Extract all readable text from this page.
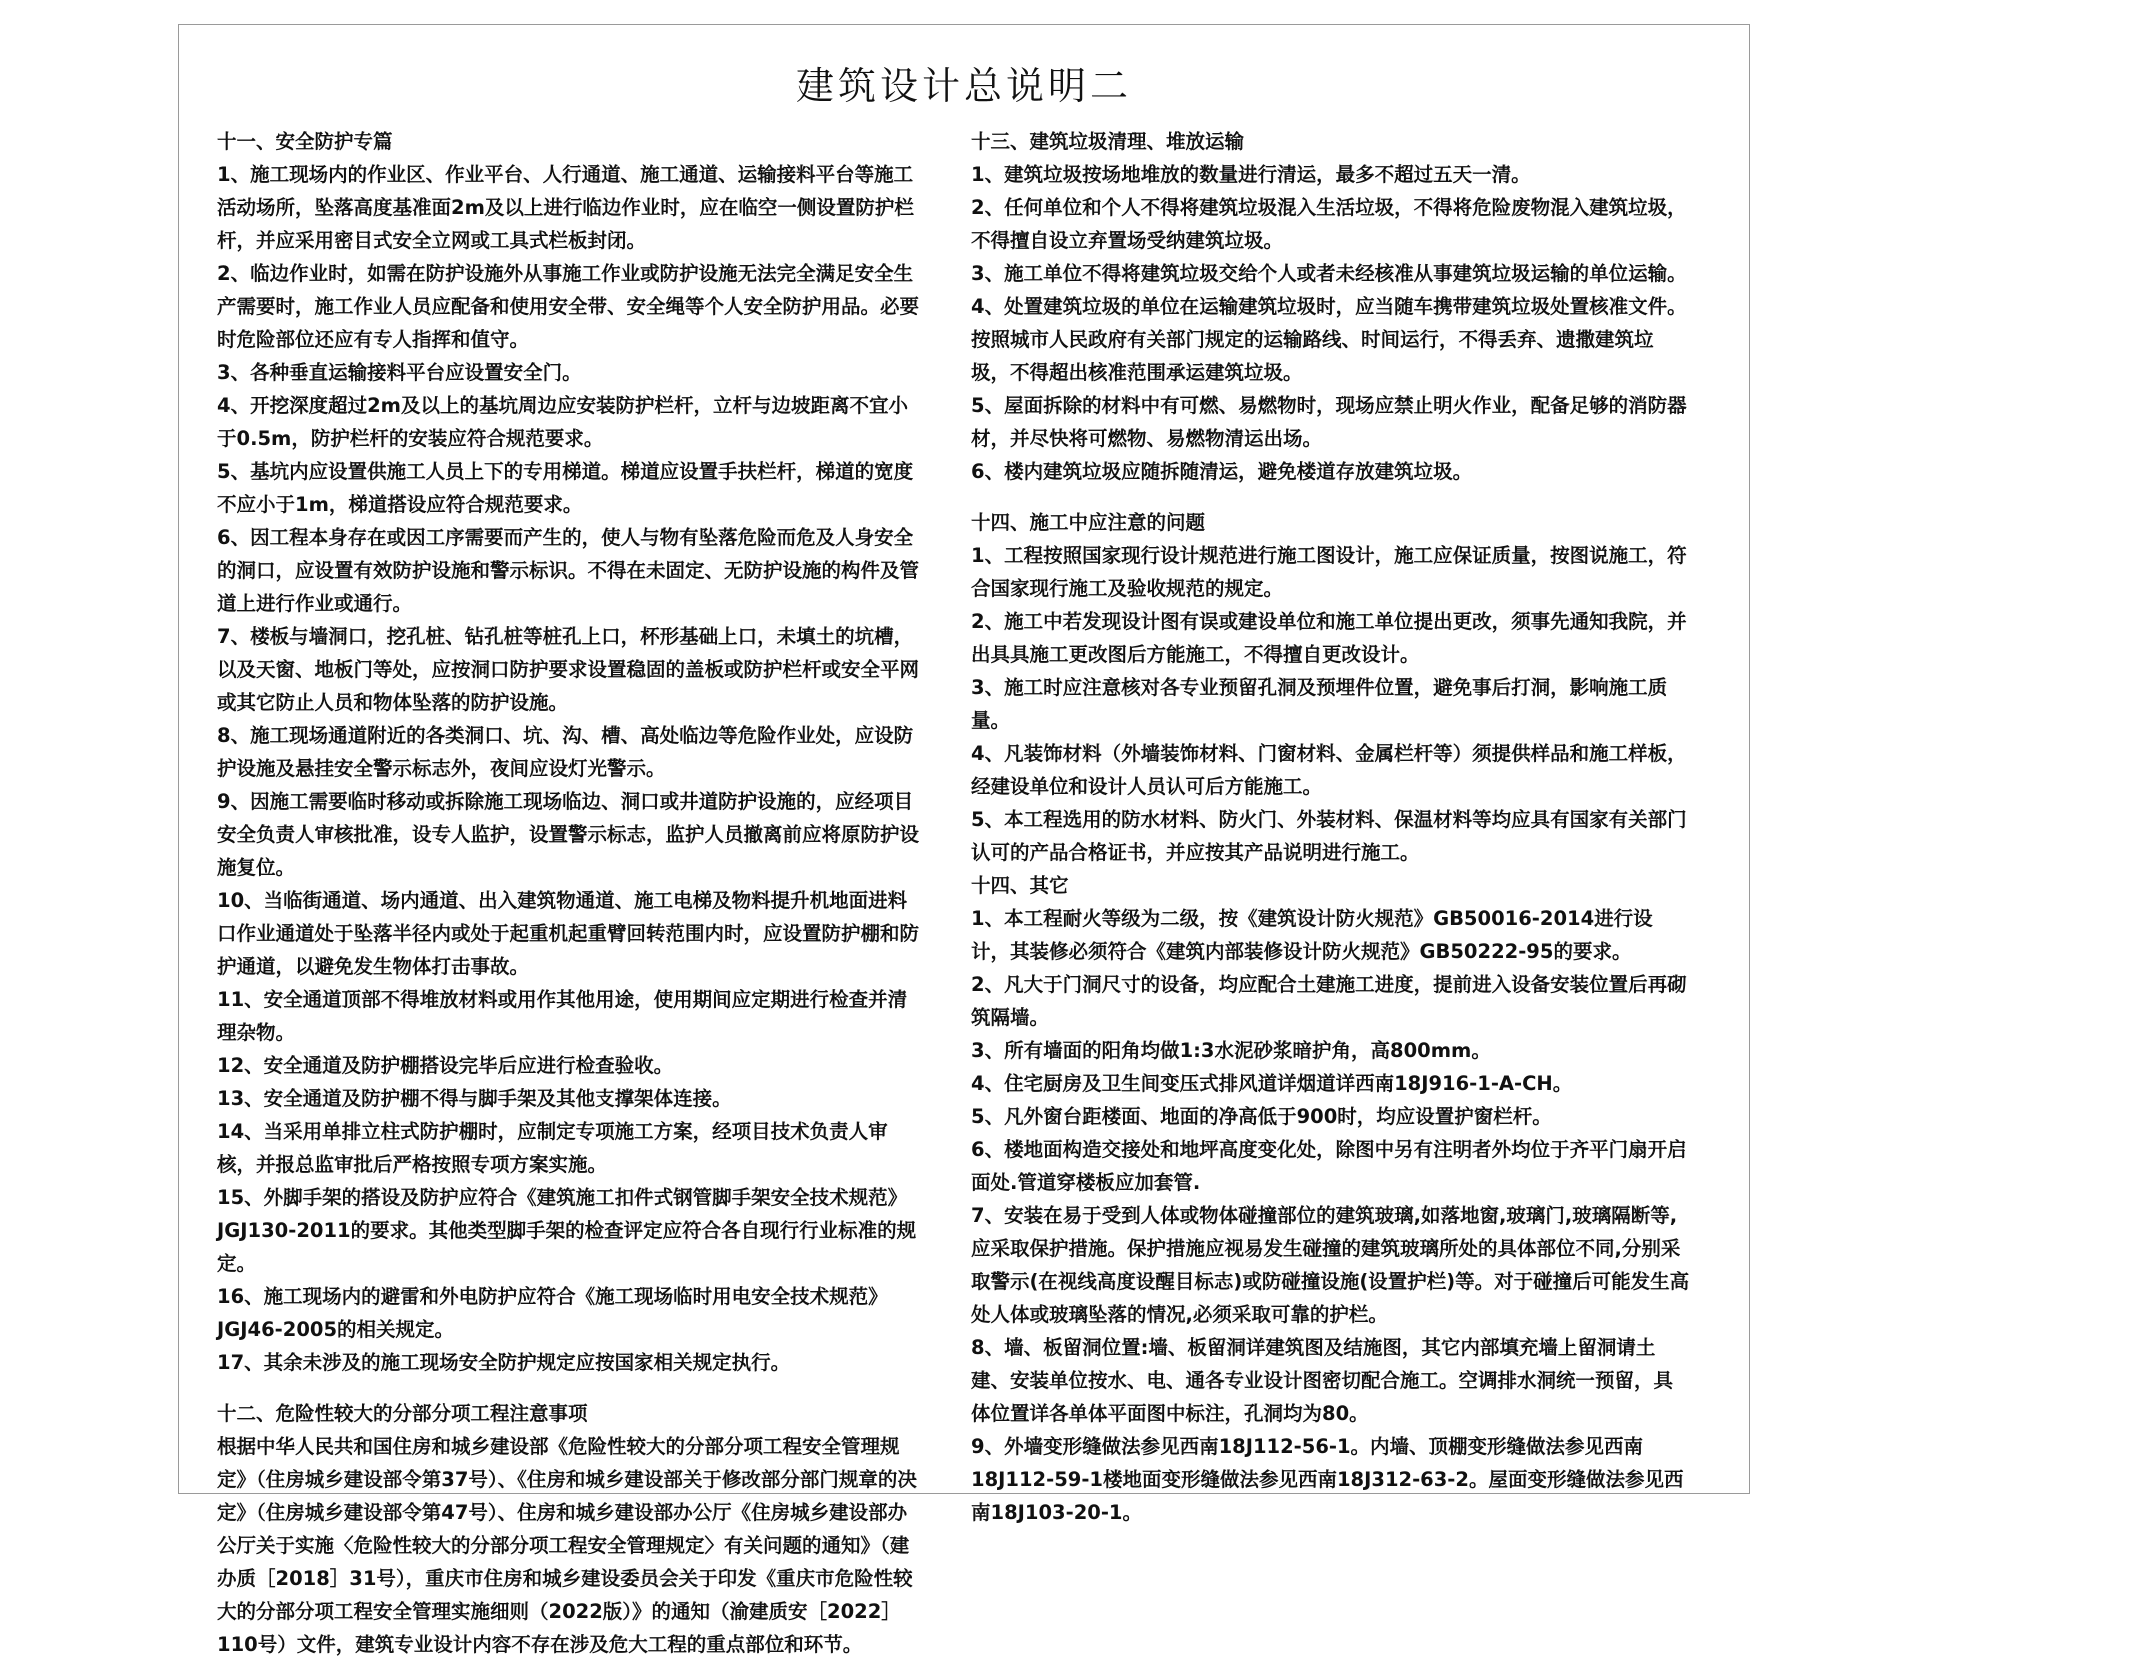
建筑设计总说明二

十一、安全防护专篇

1、施工现场内的作业区、作业平台、人行通道、施工通道、运输接料平台等施工活动场所，坠落高度基准面2m及以上进行临边作业时，应在临空一侧设置防护栏杆，并应采用密目式安全立网或工具式栏板封闭。

2、临边作业时，如需在防护设施外从事施工作业或防护设施无法完全满足安全生产需要时，施工作业人员应配备和使用安全带、安全绳等个人安全防护用品。必要时危险部位还应有专人指挥和值守。

3、各种垂直运输接料平台应设置安全门。

4、开挖深度超过2m及以上的基坑周边应安装防护栏杆，立杆与边坡距离不宜小于0.5m，防护栏杆的安装应符合规范要求。

5、基坑内应设置供施工人员上下的专用梯道。梯道应设置手扶栏杆，梯道的宽度不应小于1m，梯道搭设应符合规范要求。

6、因工程本身存在或因工序需要而产生的，使人与物有坠落危险而危及人身安全的洞口，应设置有效防护设施和警示标识。不得在未固定、无防护设施的构件及管道上进行作业或通行。

7、楼板与墙洞口，挖孔桩、钻孔桩等桩孔上口，杯形基础上口，未填土的坑槽，以及天窗、地板门等处，应按洞口防护要求设置稳固的盖板或防护栏杆或安全平网或其它防止人员和物体坠落的防护设施。

8、施工现场通道附近的各类洞口、坑、沟、槽、高处临边等危险作业处，应设防护设施及悬挂安全警示标志外，夜间应设灯光警示。

9、因施工需要临时移动或拆除施工现场临边、洞口或井道防护设施的，应经项目安全负责人审核批准，设专人监护，设置警示标志，监护人员撤离前应将原防护设施复位。

10、当临街通道、场内通道、出入建筑物通道、施工电梯及物料提升机地面进料口作业通道处于坠落半径内或处于起重机起重臂回转范围内时，应设置防护棚和防护通道，以避免发生物体打击事故。

11、安全通道顶部不得堆放材料或用作其他用途，使用期间应定期进行检查并清理杂物。

12、安全通道及防护棚搭设完毕后应进行检查验收。

13、安全通道及防护棚不得与脚手架及其他支撑架体连接。

14、当采用单排立柱式防护棚时，应制定专项施工方案，经项目技术负责人审核，并报总监审批后严格按照专项方案实施。

15、外脚手架的搭设及防护应符合《建筑施工扣件式钢管脚手架安全技术规范》JGJ130-2011的要求。其他类型脚手架的检查评定应符合各自现行行业标准的规定。

16、施工现场内的避雷和外电防护应符合《施工现场临时用电安全技术规范》JGJ46-2005的相关规定。

17、其余未涉及的施工现场安全防护规定应按国家相关规定执行。

十二、危险性较大的分部分项工程注意事项

根据中华人民共和国住房和城乡建设部《危险性较大的分部分项工程安全管理规定》（住房城乡建设部令第37号）、《住房和城乡建设部关于修改部分部门规章的决定》（住房城乡建设部令第47号）、住房和城乡建设部办公厅《住房城乡建设部办公厅关于实施〈危险性较大的分部分项工程安全管理规定〉有关问题的通知》（建办质［2018］31号），重庆市住房和城乡建设委员会关于印发《重庆市危险性较大的分部分项工程安全管理实施细则（2022版）》的通知（渝建质安［2022］110号）文件，建筑专业设计内容不存在涉及危大工程的重点部位和环节。

十三、建筑垃圾清理、堆放运输

1、建筑垃圾按场地堆放的数量进行清运，最多不超过五天一清。

2、任何单位和个人不得将建筑垃圾混入生活垃圾，不得将危险废物混入建筑垃圾，不得擅自设立弃置场受纳建筑垃圾。

3、施工单位不得将建筑垃圾交给个人或者未经核准从事建筑垃圾运输的单位运输。

4、处置建筑垃圾的单位在运输建筑垃圾时，应当随车携带建筑垃圾处置核准文件。按照城市人民政府有关部门规定的运输路线、时间运行，不得丢弃、遗撒建筑垃圾，不得超出核准范围承运建筑垃圾。

5、屋面拆除的材料中有可燃、易燃物时，现场应禁止明火作业，配备足够的消防器材，并尽快将可燃物、易燃物清运出场。

6、楼内建筑垃圾应随拆随清运，避免楼道存放建筑垃圾。

十四、施工中应注意的问题

1、工程按照国家现行设计规范进行施工图设计，施工应保证质量，按图说施工，符合国家现行施工及验收规范的规定。

2、施工中若发现设计图有误或建设单位和施工单位提出更改，须事先通知我院，并出具具施工更改图后方能施工，不得擅自更改设计。

3、施工时应注意核对各专业预留孔洞及预埋件位置，避免事后打洞，影响施工质量。

4、凡装饰材料（外墙装饰材料、门窗材料、金属栏杆等）须提供样品和施工样板，经建设单位和设计人员认可后方能施工。

5、本工程选用的防水材料、防火门、外装材料、保温材料等均应具有国家有关部门认可的产品合格证书，并应按其产品说明进行施工。

十四、其它

1、本工程耐火等级为二级，按《建筑设计防火规范》GB50016-2014进行设计，其装修必须符合《建筑内部装修设计防火规范》GB50222-95的要求。

2、凡大于门洞尺寸的设备，均应配合土建施工进度，提前进入设备安装位置后再砌筑隔墙。

3、所有墙面的阳角均做1:3水泥砂浆暗护角，高800mm。

4、住宅厨房及卫生间变压式排风道详烟道详西南18J916-1-A-CH。

5、凡外窗台距楼面、地面的净高低于900时，均应设置护窗栏杆。

6、楼地面构造交接处和地坪高度变化处，除图中另有注明者外均位于齐平门扇开启面处.管道穿楼板应加套管.

7、安装在易于受到人体或物体碰撞部位的建筑玻璃,如落地窗,玻璃门,玻璃隔断等,应采取保护措施。保护措施应视易发生碰撞的建筑玻璃所处的具体部位不同,分别采取警示(在视线高度设醒目标志)或防碰撞设施(设置护栏)等。对于碰撞后可能发生高处人体或玻璃坠落的情况,必须采取可靠的护栏。

8、墙、板留洞位置:墙、板留洞详建筑图及结施图，其它内部填充墙上留洞请土建、安装单位按水、电、通各专业设计图密切配合施工。空调排水洞统一预留，具体位置详各单体平面图中标注，孔洞均为80。

9、外墙变形缝做法参见西南18J112-56-1。内墙、顶棚变形缝做法参见西南18J112-59-1楼地面变形缝做法参见西南18J312-63-2。屋面变形缝做法参见西南18J103-20-1。
